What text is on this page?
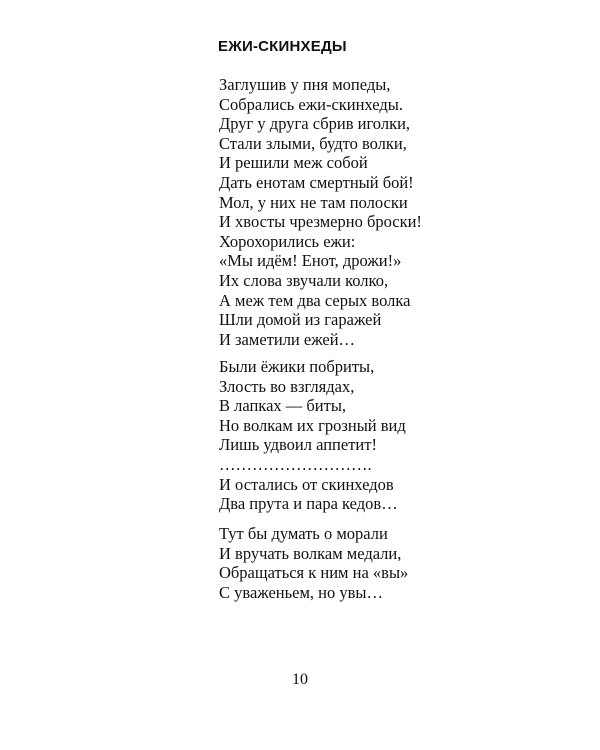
ЕЖИ-СКИНХЕДЫ
Заглушив у пня мопеды,
Собрались ежи-скинхеды.
Друг у друга сбрив иголки,
Стали злыми, будто волки,
И решили меж собой
Дать енотам смертный бой!
Мол, у них не там полоски
И хвосты чрезмерно броски!
Хорохорились ежи:
«Мы идём! Енот, дрожи!»
Их слова звучали колко,
А меж тем два серых волка
Шли домой из гаражей
И заметили ежей…
Были ёжики побриты,
Злость во взглядах,
В лапках — биты,
Но волкам их грозный вид
Лишь удвоил аппетит!
……………………….
И остались от скинхедов
Два прута и пара кедов…
Тут бы думать о морали
И вручать волкам медали,
Обращаться к ним на «вы»
С уваженьем, но увы…
10
